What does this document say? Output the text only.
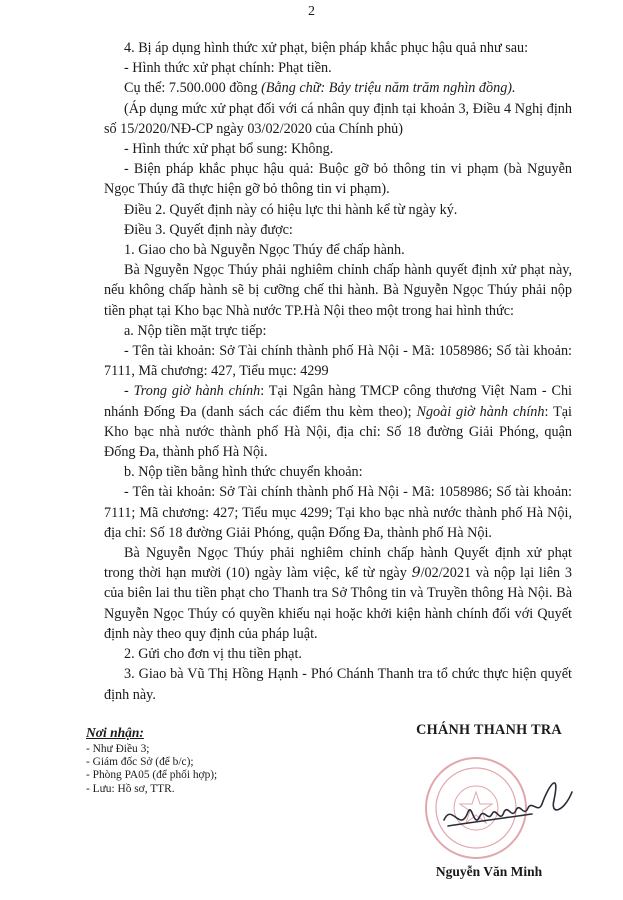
2

4. Bị áp dụng hình thức xử phạt, biện pháp khắc phục hậu quả như sau:

- Hình thức xử phạt chính: Phạt tiền.

Cụ thể: 7.500.000 đồng (Bằng chữ: Bảy triệu năm trăm nghìn đồng).

(Áp dụng mức xử phạt đối với cá nhân quy định tại khoản 3, Điều 4 Nghị định số 15/2020/NĐ-CP ngày 03/02/2020 của Chính phủ)

- Hình thức xử phạt bổ sung: Không.

- Biện pháp khắc phục hậu quả: Buộc gỡ bỏ thông tin vi phạm (bà Nguyễn Ngọc Thúy đã thực hiện gỡ bỏ thông tin vi phạm).

Điều 2. Quyết định này có hiệu lực thi hành kể từ ngày ký.

Điều 3. Quyết định này được:

1. Giao cho bà Nguyễn Ngọc Thúy để chấp hành.

Bà Nguyễn Ngọc Thúy phải nghiêm chỉnh chấp hành quyết định xử phạt này, nếu không chấp hành sẽ bị cưỡng chế thi hành. Bà Nguyễn Ngọc Thúy phải nộp tiền phạt tại Kho bạc Nhà nước TP.Hà Nội theo một trong hai hình thức:

a. Nộp tiền mặt trực tiếp:

- Tên tài khoản: Sở Tài chính thành phố Hà Nội - Mã: 1058986; Số tài khoản: 7111, Mã chương: 427, Tiểu mục: 4299

- Trong giờ hành chính: Tại Ngân hàng TMCP công thương Việt Nam - Chi nhánh Đống Đa (danh sách các điểm thu kèm theo); Ngoài giờ hành chính: Tại Kho bạc nhà nước thành phố Hà Nội, địa chỉ: Số 18 đường Giải Phóng, quận Đống Đa, thành phố Hà Nội.

b. Nộp tiền bằng hình thức chuyển khoản:

- Tên tài khoản: Sở Tài chính thành phố Hà Nội - Mã: 1058986; Số tài khoản: 7111; Mã chương: 427; Tiểu mục 4299; Tại kho bạc nhà nước thành phố Hà Nội, địa chỉ: Số 18 đường Giải Phóng, quận Đống Đa, thành phố Hà Nội.

Bà Nguyễn Ngọc Thúy phải nghiêm chỉnh chấp hành Quyết định xử phạt trong thời hạn mười (10) ngày làm việc, kể từ ngày 9/02/2021 và nộp lại liên 3 của biên lai thu tiền phạt cho Thanh tra Sở Thông tin và Truyền thông Hà Nội. Bà Nguyễn Ngọc Thúy có quyền khiếu nại hoặc khởi kiện hành chính đối với Quyết định này theo quy định của pháp luật.

2. Gửi cho đơn vị thu tiền phạt.

3. Giao bà Vũ Thị Hồng Hạnh - Phó Chánh Thanh tra tổ chức thực hiện quyết định này.

Nơi nhận:
- Như Điều 3;
- Giám đốc Sở (để b/c);
- Phòng PA05 (để phối hợp);
- Lưu: Hồ sơ, TTR.
CHÁNH THANH TRA
Nguyễn Văn Minh
